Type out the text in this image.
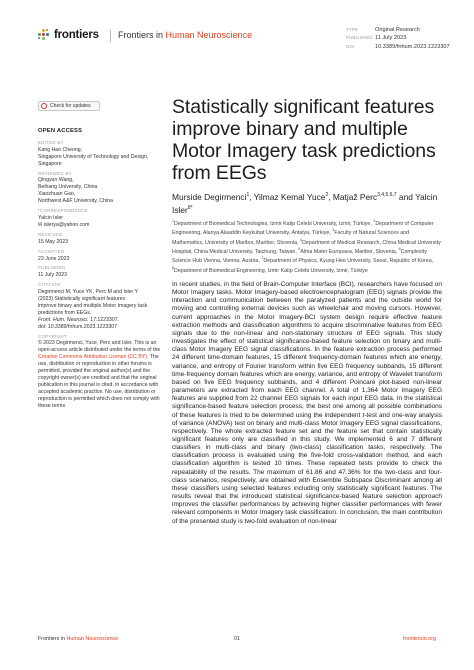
frontiers Frontiers in Human Neuroscience
TYPE	Original Research
PUBLISHED 11 July 2023
DOI	10.3389/fnhum.2023.1223307
Check for updates
OPEN ACCESS
EDITED BY
Kang Hao Cheong,
Singapore University of Technology and Design,
Singapore
REVIEWED BY
Qingyun Wang,
Beihang University, China
Xiaozhuan Gao,
Northwest A&F University, China
*CORRESPONDENCE
Yalcin Isler
✉ islerya@yahoo.com
RECEIVED
15 May 2023
ACCEPTED
23 June 2023
PUBLISHED
11 July 2023
CITATION
Degirmenci M, Yuce YK, Perc M and Isler Y
(2023) Statistically significant features
improve binary and multiple Motor Imagery task
predictions from EEGs.
Front. Hum. Neurosci. 17:1223307.
doi: 10.3389/fnhum.2023.1223307
COPYRIGHT
© 2023 Degirmenci, Yuce, Perc and Isler. This is an open-access article distributed under the terms of the Creative Commons Attribution License (CC BY). The use, distribution or reproduction in other forums is permitted, provided the original author(s) and the copyright owner(s) are credited and that the original publication in this journal is cited, in accordance with accepted academic practice. No use, distribution or reproduction is permitted which does not comply with these terms.
Statistically significant features improve binary and multiple Motor Imagery task predictions from EEGs
Murside Degirmenci$^1$, Yilmaz Kemal Yuce$^2$, Matjaž Perc$^{3,4,5,6,7}$ and Yalcin Isler$^{8*}$
$^1$Department of Biomedical Technologies, Izmir Katip Celebi University, Izmir, Türkiye, $^2$Department of Computer Engineering, Alanya Alaaddin Keykubat University, Antalya, Türkiye, $^3$Faculty of Natural Sciences and Mathematics, University of Maribor, Maribor, Slovenia, $^4$Department of Medical Research, China Medical University Hospital, China Medical University, Taichung, Taiwan, $^5$Alma Mater Europaea, Maribor, Slovenia, $^6$Complexity Science Hub Vienna, Vienna, Austria, $^7$Department of Physics, Kyung Hee University, Seoul, Republic of Korea, $^8$Department of Biomedical Engineering, Izmir Katip Celebi University, Izmir, Türkiye
In recent studies, in the field of Brain-Computer Interface (BCI), researchers have focused on Motor Imagery tasks. Motor Imagery-based electroencephalogram (EEG) signals provide the interaction and communication between the paralyzed patients and the outside world for moving and controlling external devices such as wheelchair and moving cursors. However, current approaches in the Motor Imagery-BCI system design require effective feature extraction methods and classification algorithms to acquire discriminative features from EEG signals due to the non-linear and non-stationary structure of EEG signals. This study investigates the effect of statistical significance-based feature selection on binary and multi-class Motor Imagery EEG signal classifications. In the feature extraction process performed 24 different time-domain features, 15 different frequency-domain features which are energy, variance, and entropy of Fourier transform within five EEG frequency subbands, 15 different time-frequency domain features which are energy, variance, and entropy of Wavelet transform based on five EEG frequency subbands, and 4 different Poincaré plot-based non-linear parameters are extracted from each EEG channel. A total of 1,364 Motor Imagery EEG features are supplied from 22 channel EEG signals for each input EEG data. In the statistical significance-based feature selection process, the best one among all possible combinations of these features is tried to be determined using the independent t-test and one-way analysis of variance (ANOVA) test on binary and multi-class Motor Imagery EEG signal classifications, respectively. The whole extracted feature set and the feature set that contain statistically significant features only are classified in this study. We implemented 6 and 7 different classifiers in multi-class and binary (two-class) classification tasks, respectively. The classification process is evaluated using the five-fold cross-validation method, and each classification algorithm is tested 10 times. These repeated tests provide to check the repeatability of the results. The maximum of 61.86 and 47.36% for the two-class and four-class scenarios, respectively, are obtained with Ensemble Subspace Discriminant among all these classifiers using selected features including only statistically significant features. The results reveal that the introduced statistical significance-based feature selection approach improves the classifier performances by achieving higher classifier performances with fewer relevant components in Motor Imagery task classification. In conclusion, the main contribution of the presented study is two-fold evaluation of non-linear
Frontiers in Human Neuroscience	01	frontiersin.org
